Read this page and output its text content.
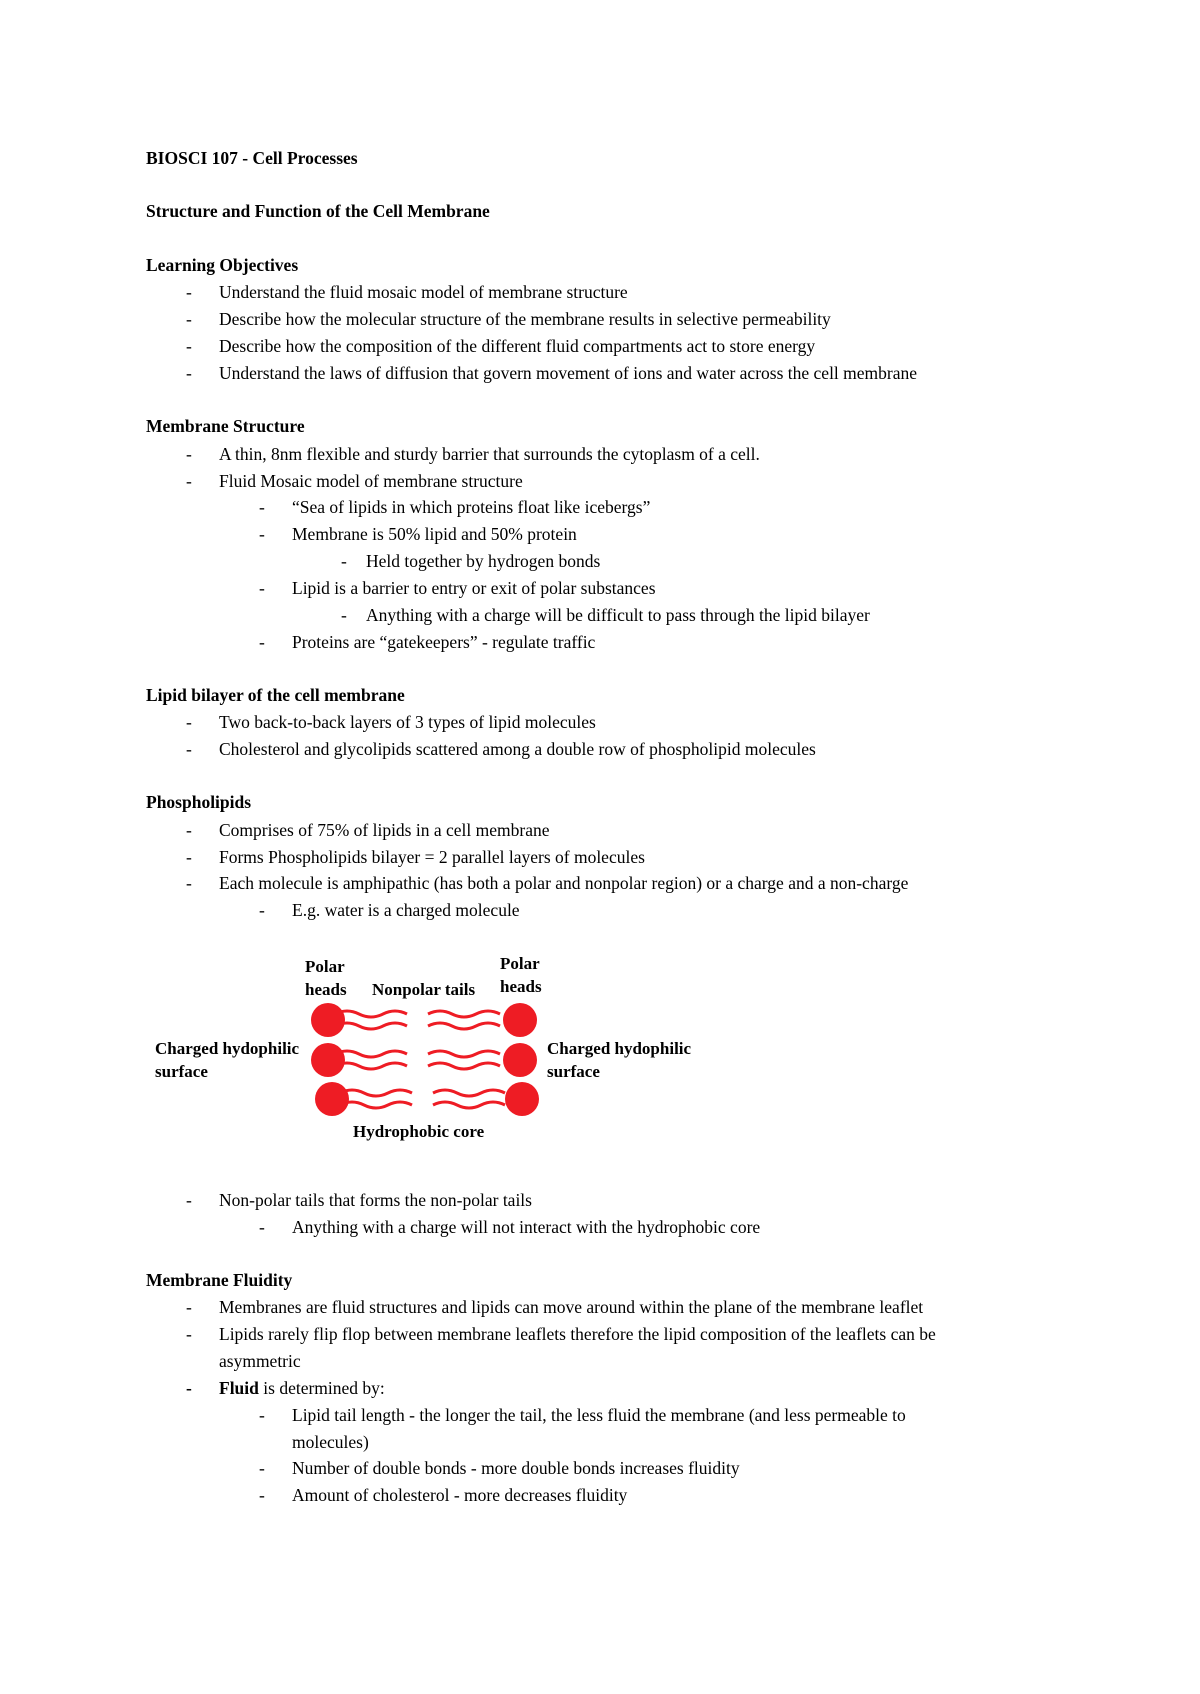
BIOSCI 107 - Cell Processes
Structure and Function of the Cell Membrane
Learning Objectives
- Understand the fluid mosaic model of membrane structure
- Describe how the molecular structure of the membrane results in selective permeability
- Describe how the composition of the different fluid compartments act to store energy
- Understand the laws of diffusion that govern movement of ions and water across the cell membrane
Membrane Structure
- A thin, 8nm flexible and sturdy barrier that surrounds the cytoplasm of a cell.
- Fluid Mosaic model of membrane structure
- “Sea of lipids in which proteins float like icebergs”
- Membrane is 50% lipid and 50% protein
- Held together by hydrogen bonds
- Lipid is a barrier to entry or exit of polar substances
- Anything with a charge will be difficult to pass through the lipid bilayer
- Proteins are “gatekeepers” - regulate traffic
Lipid bilayer of the cell membrane
- Two back-to-back layers of 3 types of lipid molecules
- Cholesterol and glycolipids scattered among a double row of phospholipid molecules
Phospholipids
- Comprises of 75% of lipids in a cell membrane
- Forms Phospholipids bilayer = 2 parallel layers of molecules
- Each molecule is amphipathic (has both a polar and nonpolar region) or a charge and a non-charge
- E.g. water is a charged molecule
Polar
heads
Polar
heads
Nonpolar tails
Charged hydophilic
surface
Charged hydophilic
surface
Hydrophobic core
- Non-polar tails that forms the non-polar tails
- Anything with a charge will not interact with the hydrophobic core
Membrane Fluidity
- Membranes are fluid structures and lipids can move around within the plane of the membrane leaflet
- Lipids rarely flip flop between membrane leaflets therefore the lipid composition of the leaflets can be
asymmetric
- Fluid is determined by:
- Lipid tail length - the longer the tail, the less fluid the membrane (and less permeable to
molecules)
- Number of double bonds - more double bonds increases fluidity
- Amount of cholesterol - more decreases fluidity
